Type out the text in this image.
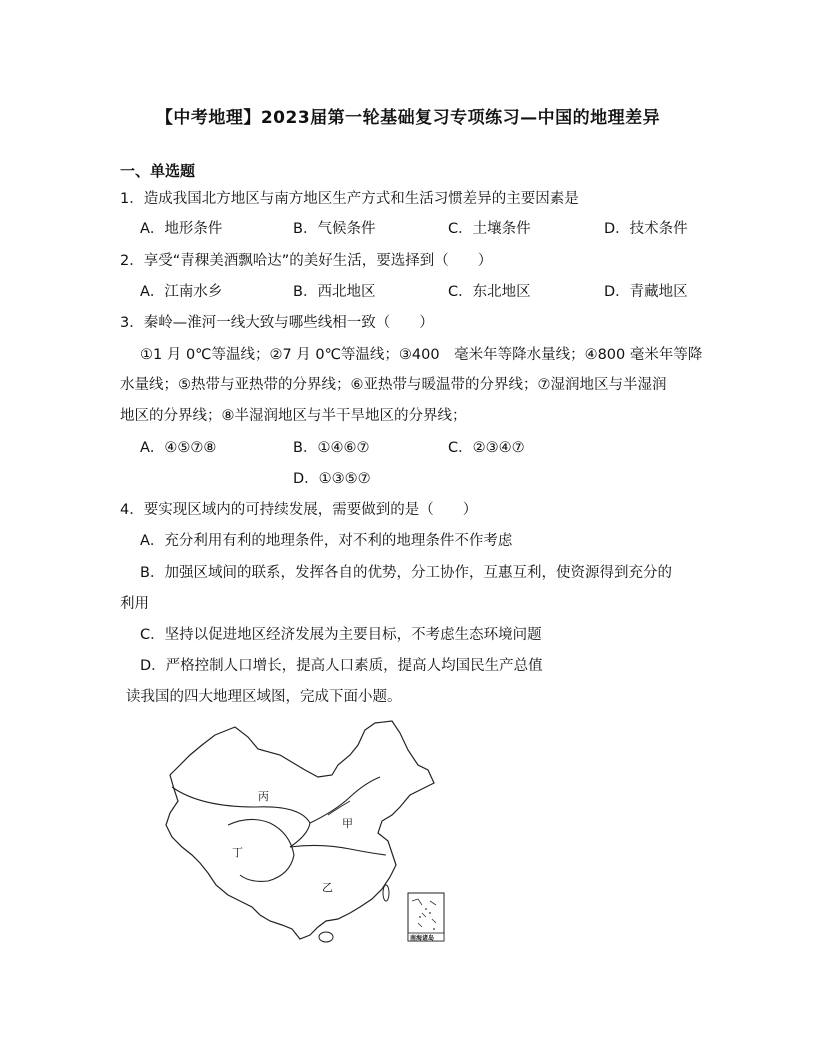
【中考地理】2023届第一轮基础复习专项练习—中国的地理差异
一、单选题
1．造成我国北方地区与南方地区生产方式和生活习惯差异的主要因素是
A．地形条件	B．气候条件	C．土壤条件	D．技术条件
2．享受“青稞美酒飘哈达”的美好生活，要选择到（　　）
A．江南水乡	B．西北地区	C．东北地区	D．青藏地区
3．秦岭—淮河一线大致与哪些线相一致（　　）
①1 月 0℃等温线；②7 月 0℃等温线；③400　毫米年等降水量线；④800 毫米年等降
水量线；⑤热带与亚热带的分界线；⑥亚热带与暖温带的分界线；⑦湿润地区与半湿润
地区的分界线；⑧半湿润地区与半干旱地区的分界线；
A．④⑤⑦⑧	B．①④⑥⑦	C．②③④⑦
D．①③⑤⑦
4．要实现区域内的可持续发展，需要做到的是（　　）
A．充分利用有利的地理条件，对不利的地理条件不作考虑
B．加强区域间的联系，发挥各自的优势，分工协作，互惠互利，使资源得到充分的
利用
C．坚持以促进地区经济发展为主要目标，不考虑生态环境问题
D．严格控制人口增长，提高人口素质，提高人均国民生产总值
读我国的四大地理区域图，完成下面小题。
丙
甲
丁
乙
南海诸岛
